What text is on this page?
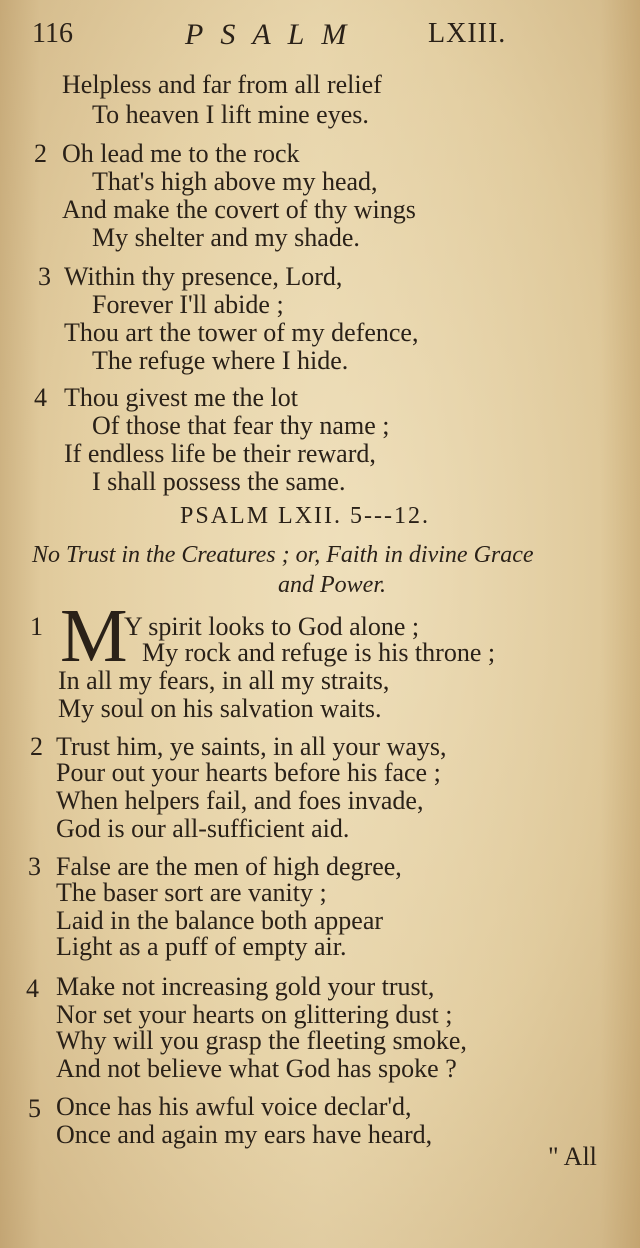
116	PSALM LXIII.
Helpless and far from all relief
To heaven I lift mine eyes.
2 Oh lead me to the rock
That's high above my head,
And make the covert of thy wings
My shelter and my shade.
3 Within thy presence, Lord,
Forever I'll abide ;
Thou art the tower of my defence,
The refuge where I hide.
4 Thou givest me the lot
Of those that fear thy name ;
If endless life be their reward,
I shall possess the same.
PSALM LXII. 5---12.
No Trust in the Creatures ; or, Faith in divine Grace
and Power.
1 M
Y spirit looks to God alone ;
My rock and refuge is his throne ;
In all my fears, in all my straits,
My soul on his salvation waits.
2 Trust him, ye saints, in all your ways,
Pour out your hearts before his face ;
When helpers fail, and foes invade,
God is our all-sufficient aid.
3 False are the men of high degree,
The baser sort are vanity ;
Laid in the balance both appear
Light as a puff of empty air.
4 Make not increasing gold your trust,
Nor set your hearts on glittering dust ;
Why will you grasp the fleeting smoke,
And not believe what God has spoke ?
5 Once has his awful voice declar'd,
Once and again my ears have heard,
" All
